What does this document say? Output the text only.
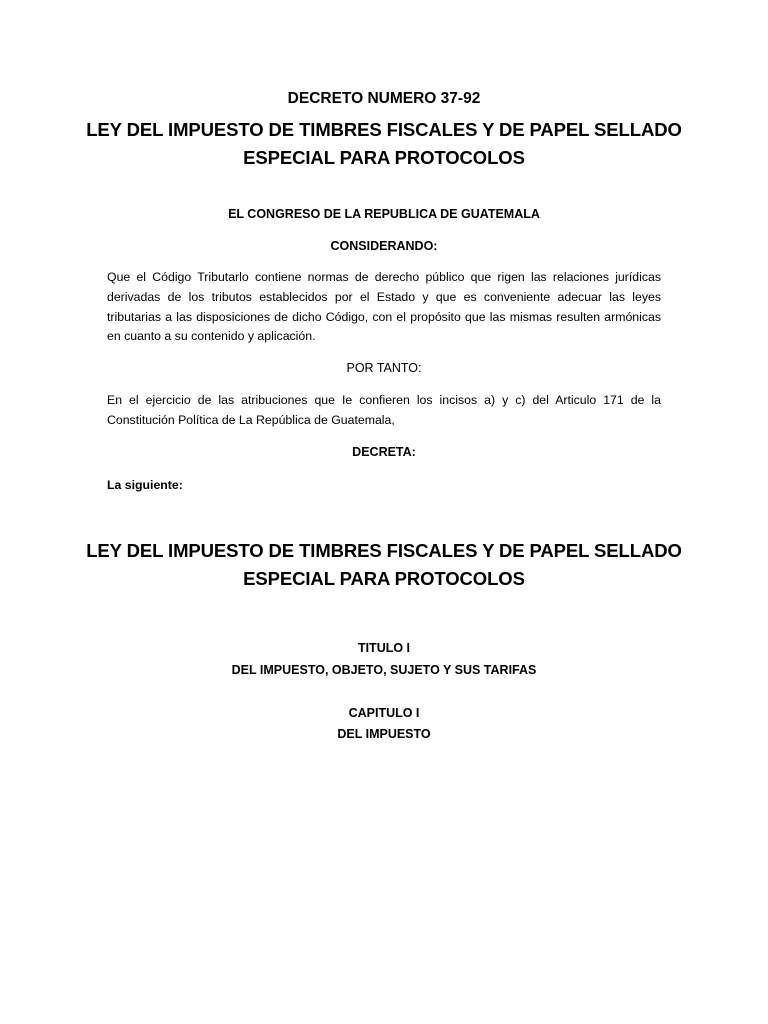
DECRETO NUMERO 37-92

LEY DEL IMPUESTO DE TIMBRES FISCALES Y DE PAPEL SELLADO
ESPECIAL PARA PROTOCOLOS

EL CONGRESO DE LA REPUBLICA DE GUATEMALA

CONSIDERANDO:

Que el Código Tributarlo contiene normas de derecho público que rigen las relaciones jurídicas derivadas de los tributos establecidos por el Estado y que es conveniente adecuar las leyes tributarias a las disposiciones de dicho Código, con el propósito que las mismas resulten armónicas en cuanto a su contenido y aplicación.

POR TANTO:

En el ejercicio de las atribuciones que Ie confieren los incisos a) y c) del Articulo 171 de la Constitución Política de La República de Guatemala,

DECRETA:

La siguiente:

LEY DEL IMPUESTO DE TIMBRES FISCALES Y DE PAPEL SELLADO
ESPECIAL PARA PROTOCOLOS

TITULO I

DEL IMPUESTO, OBJETO, SUJETO Y SUS TARIFAS

CAPITULO I

DEL IMPUESTO
